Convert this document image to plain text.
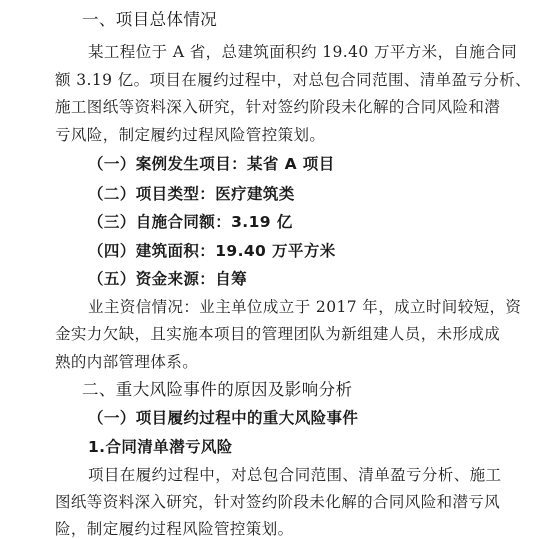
一、项目总体情况
某工程位于 A 省，总建筑面积约 19.40 万平方米，自施合同
额 3.19 亿。项目在履约过程中，对总包合同范围、清单盈亏分析、
施工图纸等资料深入研究，针对签约阶段未化解的合同风险和潜
亏风险，制定履约过程风险管控策划。
（一）案例发生项目：某省 A 项目
（二）项目类型：医疗建筑类
（三）自施合同额：3.19 亿
（四）建筑面积：19.40 万平方米
（五）资金来源：自筹
业主资信情况：业主单位成立于 2017 年，成立时间较短，资
金实力欠缺，且实施本项目的管理团队为新组建人员，未形成成
熟的内部管理体系。
二、重大风险事件的原因及影响分析
（一）项目履约过程中的重大风险事件
1.合同清单潜亏风险
项目在履约过程中，对总包合同范围、清单盈亏分析、施工
图纸等资料深入研究，针对签约阶段未化解的合同风险和潜亏风
险，制定履约过程风险管控策划。
